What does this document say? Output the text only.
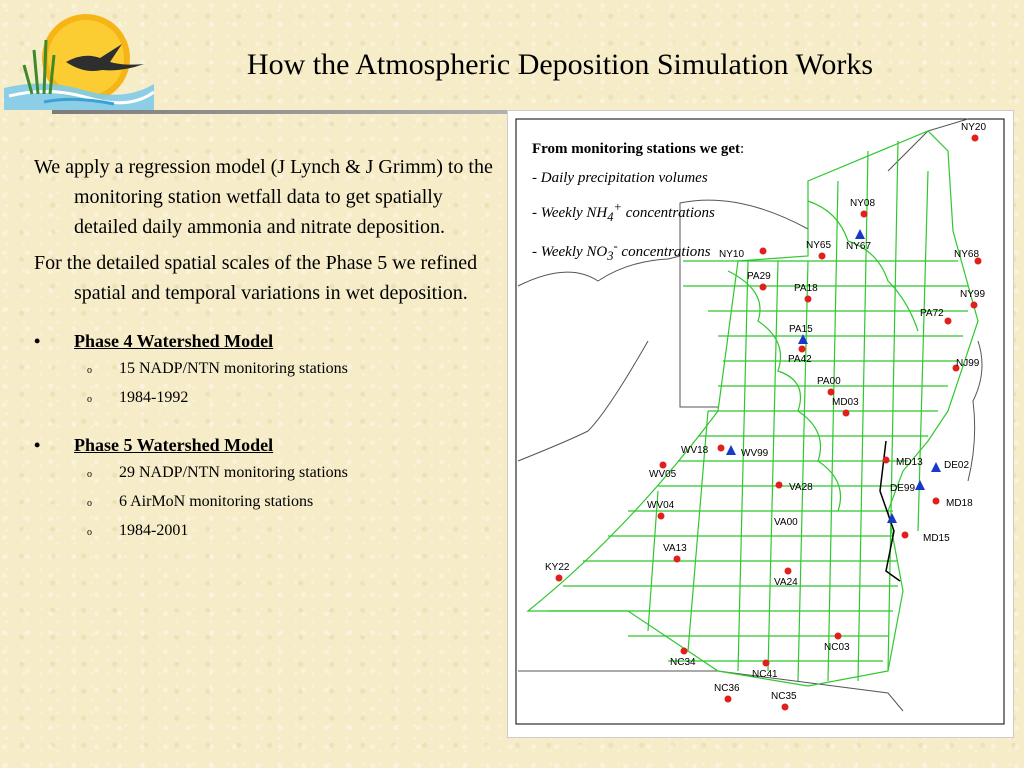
How the Atmospheric Deposition Simulation Works

We apply a regression model (J Lynch & J Grimm) to the monitoring station wetfall data to get spatially detailed daily ammonia and nitrate deposition.

For the detailed spatial scales of the Phase 5 we refined spatial and temporal variations in wet deposition.

• Phase 4 Watershed Model
o 15 NADP/NTN monitoring stations
o 1984-1992
• Phase 5 Watershed Model
o 29 NADP/NTN monitoring stations
o 6 AirMoN monitoring stations
o 1984-2001
NY20
NY08
NY67
NY65
NY10	NY68
NY99
PA29
PA18
PA72
PA15
PA42	NJ99
PA00
MD03
WV18	WV99
MD13 DE02
WV05
DE99
VA28
MD18
WV04
VA00
MD15
VA13
KY22
VA24
NC03
NC34
NC41
NC36
NC35
From monitoring stations we get:
- Daily precipitation volumes
- Weekly $NH_4^+$ concentrations
- Weekly $NO_3^-$ concentrations
